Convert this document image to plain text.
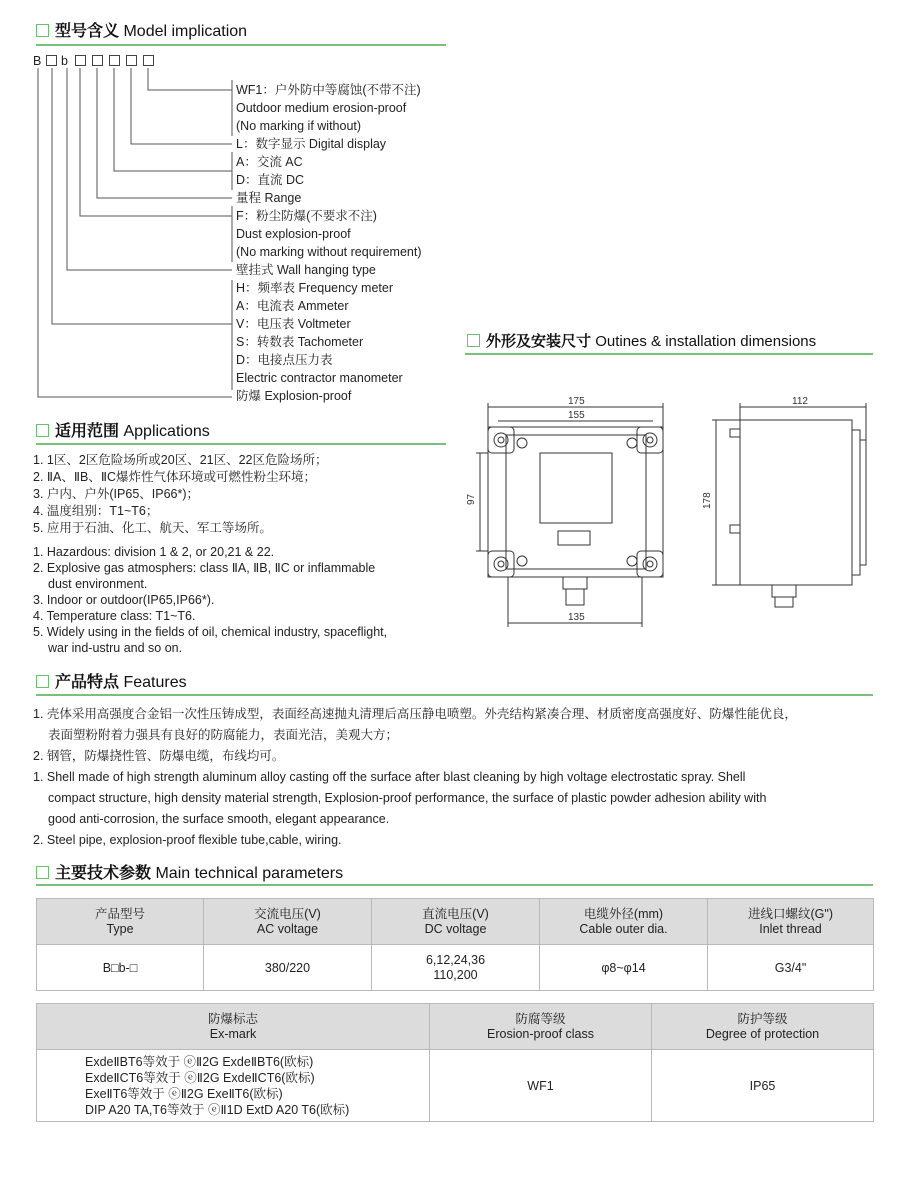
型号含义 Model implication
B b
WF1：户外防中等腐蚀(不带不注)
Outdoor medium erosion-proof
(No marking if without)
L：数字显示 Digital display
A：交流 AC
D：直流 DC
量程 Range
F：粉尘防爆(不要求不注)
Dust explosion-proof
(No marking without requirement)
壁挂式 Wall hanging type
H：频率表 Frequency meter
A：电流表 Ammeter
V：电压表 Voltmeter
S：转数表 Tachometer
D：电接点压力表
Electric contractor manometer
防爆 Explosion-proof
外形及安装尺寸 Outines & installation dimensions
175
155
97
135
112
178
适用范围 Applications
1. 1区、2区危险场所或20区、21区、22区危险场所；
2. ⅡA、ⅡB、ⅡC爆炸性气体环境或可燃性粉尘环境；
3. 户内、户外(IP65、IP66*)；
4. 温度组别：T1~T6；
5. 应用于石油、化工、航天、军工等场所。
1. Hazardous: division 1 & 2, or 20,21 & 22.
2. Explosive gas atmosphers: class ⅡA, ⅡB, ⅡC or inflammable
dust environment.
3. Indoor or outdoor(IP65,IP66*).
4. Temperature class: T1~T6.
5. Widely using in the fields of oil, chemical industry, spaceflight,
war ind-ustru and so on.
产品特点 Features
1. 壳体采用高强度合金铝一次性压铸成型，表面经高速抛丸清理后高压静电喷塑。外壳结构紧凑合理、材质密度高强度好、防爆性能优良，
表面塑粉附着力强具有良好的防腐能力，表面光洁，美观大方；
2. 钢管，防爆挠性管、防爆电缆，布线均可。
1. Shell made of high strength aluminum alloy casting off the surface after blast cleaning by high voltage electrostatic spray. Shell
compact structure, high density material strength, Explosion-proof performance, the surface of plastic powder adhesion ability with
good anti-corrosion, the surface smooth, elegant appearance.
2. Steel pipe, explosion-proof flexible tube,cable, wiring.
主要技术参数 Main technical parameters
产品型号
Type	交流电压(V)
AC voltage	直流电压(V)
DC voltage	电缆外径(mm)
Cable outer dia.	进线口螺纹(G")
Inlet thread

B□b-□	380/220	6,12,24,36
110,200	φ8~φ14	G3/4"
防爆标志
Ex-mark	防腐等级
Erosion-proof class	防护等级
Degree of protection

ExdeⅡBT6等效于 ⓔⅡ2G ExdeⅡBT6(欧标)
ExdeⅡCT6等效于 ⓔⅡ2G ExdeⅡCT6(欧标)
ExeⅡT6等效于 ⓔⅡ2G ExeⅡT6(欧标)
DIP A20 TA,T6等效于 ⓔⅡ1D ExtD A20 T6(欧标)	WF1	IP65
